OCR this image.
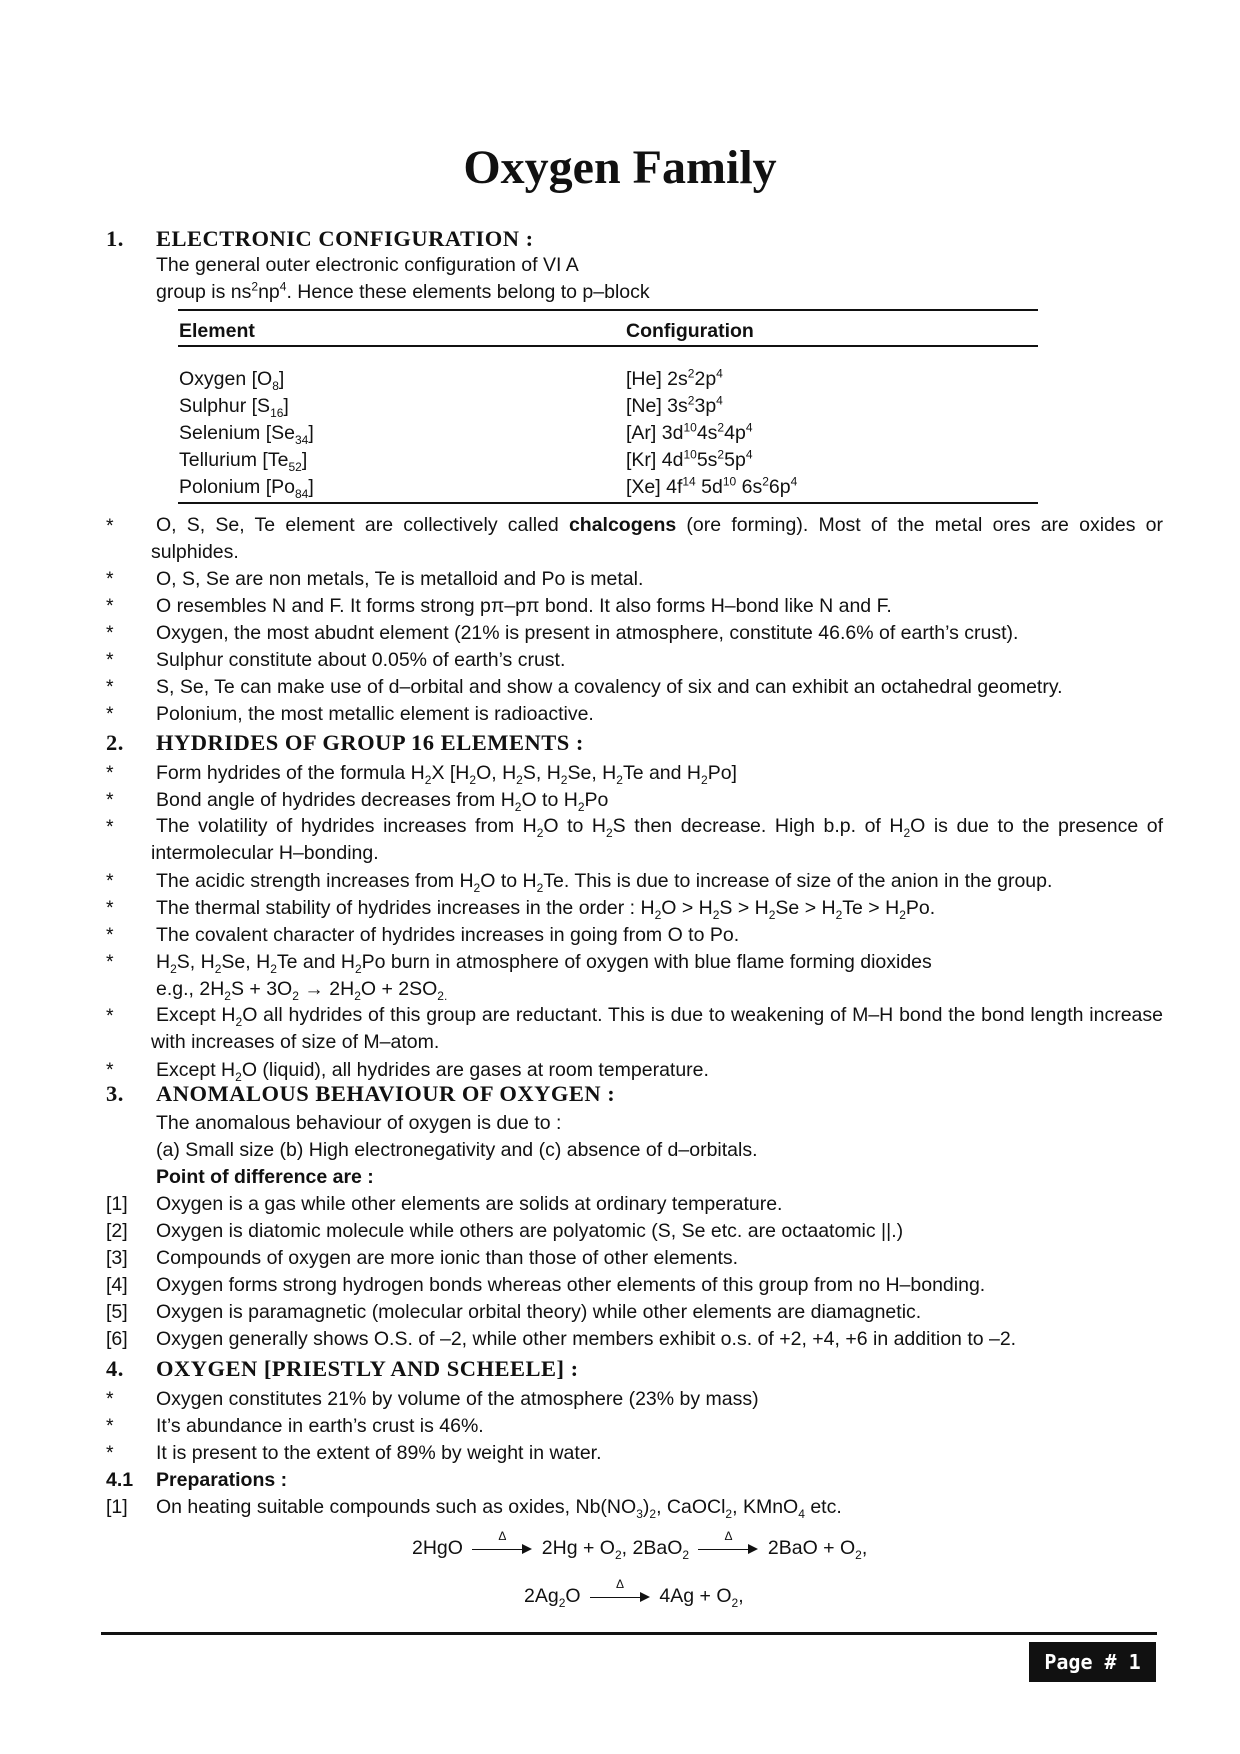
Oxygen Family
1. ELECTRONIC CONFIGURATION :
The general outer electronic configuration of VI A
group is $ns^2np^4$. Hence these elements belong to p–block
Element	Configuration
Oxygen $[O_8]$	[He] $2s^22p^4$
Sulphur $[S_{16}]$	[Ne] $3s^23p^4$
Selenium $[Se_{34}]$	[Ar] $3d^{10}4s^24p^4$
Tellurium $[Te_{52}]$	[Kr] $4d^{10}5s^25p^4$
Polonium $[Po_{84}]$	[Xe] $4f^{14}$ $5d^{10}$ $6s^26p^4$
* O, S, Se, Te element are collectively called chalcogens (ore forming). Most of the metal ores are oxides or sulphides.
* O, S, Se are non metals, Te is metalloid and Po is metal.
* O resembles N and F. It forms strong pπ–pπ bond. It also forms H–bond like N and F.
* Oxygen, the most abudnt element (21% is present in atmosphere, constitute 46.6% of earth’s crust).
* Sulphur constitute about 0.05% of earth’s crust.
* S, Se, Te can make use of d–orbital and show a covalency of six and can exhibit an octahedral geometry.
* Polonium, the most metallic element is radioactive.
2. HYDRIDES OF GROUP 16 ELEMENTS :
* Form hydrides of the formula $H_2X$ [$H_2O$, $H_2S$, $H_2Se$, $H_2Te$ and $H_2Po$]
* Bond angle of hydrides decreases from $H_2O$ to $H_2Po$
* The volatility of hydrides increases from $H_2O$ to $H_2S$ then decrease. High b.p. of $H_2O$ is due to the presence of intermolecular H–bonding.
* The acidic strength increases from $H_2O$ to $H_2Te$. This is due to increase of size of the anion in the group.
* The thermal stability of hydrides increases in the order : $H_2O > H_2S > H_2Se > H_2Te > H_2Po$.
* The covalent character of hydrides increases in going from O to Po.
* $H_2S$, $H_2Se$, $H_2Te$ and $H_2Po$ burn in atmosphere of oxygen with blue flame forming dioxides
e.g., $2H_2S + 3O_2 \to 2H_2O + 2SO_{2.}$
* Except $H_2O$ all hydrides of this group are reductant. This is due to weakening of M–H bond the bond length increase with increases of size of M–atom.
* Except $H_2O$ (liquid), all hydrides are gases at room temperature.
3. ANOMALOUS BEHAVIOUR OF OXYGEN :
The anomalous behaviour of oxygen is due to :
(a) Small size (b) High electronegativity and (c) absence of d–orbitals.
Point of difference are :
[1] Oxygen is a gas while other elements are solids at ordinary temperature.
[2] Oxygen is diatomic molecule while others are polyatomic (S, Se etc. are octaatomic ||.)
[3] Compounds of oxygen are more ionic than those of other elements.
[4] Oxygen forms strong hydrogen bonds whereas other elements of this group from no H–bonding.
[5] Oxygen is paramagnetic (molecular orbital theory) while other elements are diamagnetic.
[6] Oxygen generally shows O.S. of –2, while other members exhibit o.s. of +2, +4, +6 in addition to –2.
4. OXYGEN [PRIESTLY AND SCHEELE] :
* Oxygen constitutes 21% by volume of the atmosphere (23% by mass)
* It’s abundance in earth’s crust is 46%.
* It is present to the extent of 89% by weight in water.
4.1 Preparations :
[1] On heating suitable compounds such as oxides, $Nb(NO_3)_2$, CaOCl$_2$, KMnO$_4$ etc.
2HgO
Δ
$2Hg + O_2$, 2BaO$_2$
Δ
$2BaO + O_2$,
$2Ag_2O$
Δ
$4Ag + O_2$,
Page # 1
